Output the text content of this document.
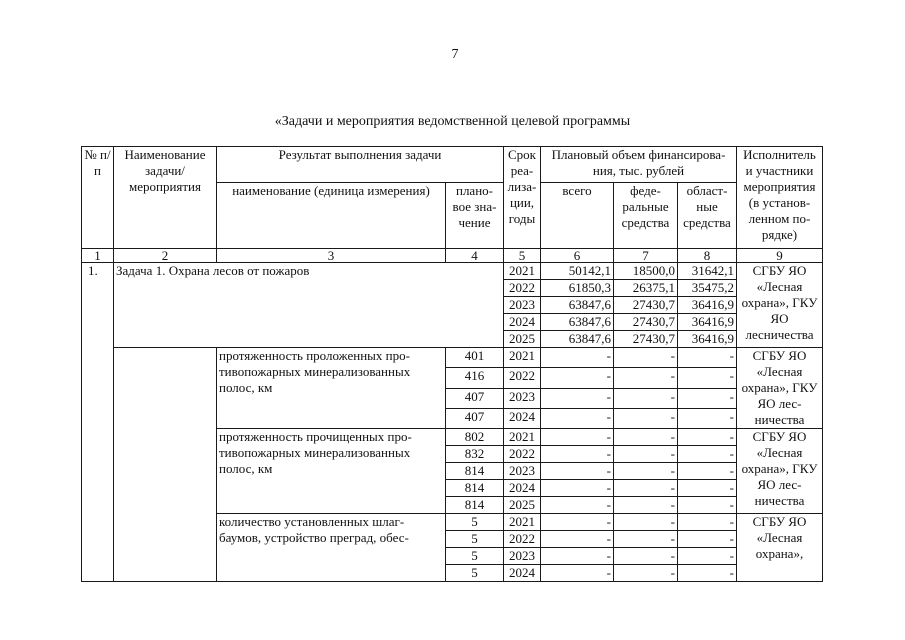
7
«Задачи и мероприятия ведомственной целевой программы
№ п/п	Наименование задачи/ мероприятия	Результат выполнения задачи		Срок реа-лиза-ции, годы	Плановый объем финансирова-ния, тыс. рублей			Исполнитель и участники мероприятия (в установ-ленном по-рядке)
		наименование (единица измерения)	плано-вое зна-чение		всего	феде-ральные средства	област-ные средства	
1	2	3	4	5	6	7	8	9
1.	Задача 1. Охрана лесов от пожаров			2021	50142,1	18500,0	31642,1	СГБУ ЯО «Лесная охрана», ГКУ ЯО лесничества
				2022	61850,3	26375,1	35475,2	
				2023	63847,6	27430,7	36416,9	
				2024	63847,6	27430,7	36416,9	
				2025	63847,6	27430,7	36416,9	
		протяженность проложенных про-тивопожарных минерализованных полос, км	401	2021	-	-	-	СГБУ ЯО «Лесная охрана», ГКУ ЯО лес-ничества
			416	2022	-	-	-	
			407	2023	-	-	-	
			407	2024	-	-	-	
		протяженность прочищенных про-тивопожарных минерализованных полос, км	802	2021	-	-	-	СГБУ ЯО «Лесная охрана», ГКУ ЯО лес-ничества
			832	2022	-	-	-	
			814	2023	-	-	-	
			814	2024	-	-	-	
			814	2025	-	-	-	
		количество установленных шлаг-баумов, устройство преград, обес-	5	2021	-	-	-	СГБУ ЯО «Лесная охрана»,
			5	2022	-	-	-	
			5	2023	-	-	-	
			5	2024	-	-	-	
